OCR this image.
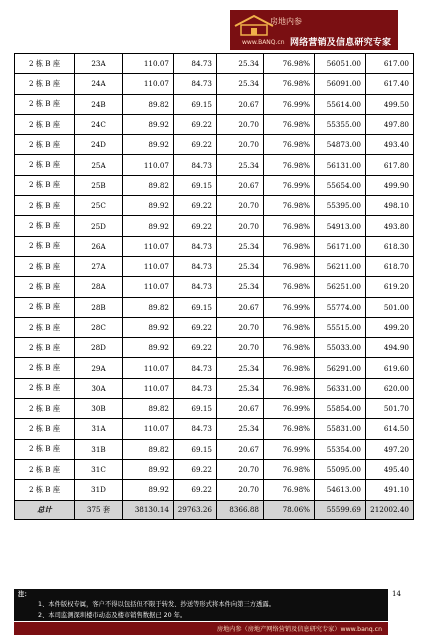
房地内参
www.BANQ.cn 网络营销及信息研究专家
2 栋 B 座	23A	110.07	84.73	25.34	76.98%	56051.00	617.00
2 栋 B 座	24A	110.07	84.73	25.34	76.98%	56091.00	617.40
2 栋 B 座	24B	89.82	69.15	20.67	76.99%	55614.00	499.50
2 栋 B 座	24C	89.92	69.22	20.70	76.98%	55355.00	497.80
2 栋 B 座	24D	89.92	69.22	20.70	76.98%	54873.00	493.40
2 栋 B 座	25A	110.07	84.73	25.34	76.98%	56131.00	617.80
2 栋 B 座	25B	89.82	69.15	20.67	76.99%	55654.00	499.90
2 栋 B 座	25C	89.92	69.22	20.70	76.98%	55395.00	498.10
2 栋 B 座	25D	89.92	69.22	20.70	76.98%	54913.00	493.80
2 栋 B 座	26A	110.07	84.73	25.34	76.98%	56171.00	618.30
2 栋 B 座	27A	110.07	84.73	25.34	76.98%	56211.00	618.70
2 栋 B 座	28A	110.07	84.73	25.34	76.98%	56251.00	619.20
2 栋 B 座	28B	89.82	69.15	20.67	76.99%	55774.00	501.00
2 栋 B 座	28C	89.92	69.22	20.70	76.98%	55515.00	499.20
2 栋 B 座	28D	89.92	69.22	20.70	76.98%	55033.00	494.90
2 栋 B 座	29A	110.07	84.73	25.34	76.98%	56291.00	619.60
2 栋 B 座	30A	110.07	84.73	25.34	76.98%	56331.00	620.00
2 栋 B 座	30B	89.82	69.15	20.67	76.99%	55854.00	501.70
2 栋 B 座	31A	110.07	84.73	25.34	76.98%	55831.00	614.50
2 栋 B 座	31B	89.82	69.15	20.67	76.99%	55354.00	497.20
2 栋 B 座	31C	89.92	69.22	20.70	76.98%	55095.00	495.40
2 栋 B 座	31D	89.92	69.22	20.70	76.98%	54613.00	491.10
总计	375 套	38130.14	29763.26	8366.88	78.06%	55599.69	212002.40
14
注：
1、本件版权专属，客户不得以包括但不限于转发、抄送等形式将本件向第三方透露。
2、本司监测深圳楼市动态及楼市销售数据已 20 年。
房地内参（房地产网络营销及信息研究专家）www.banq.cn
